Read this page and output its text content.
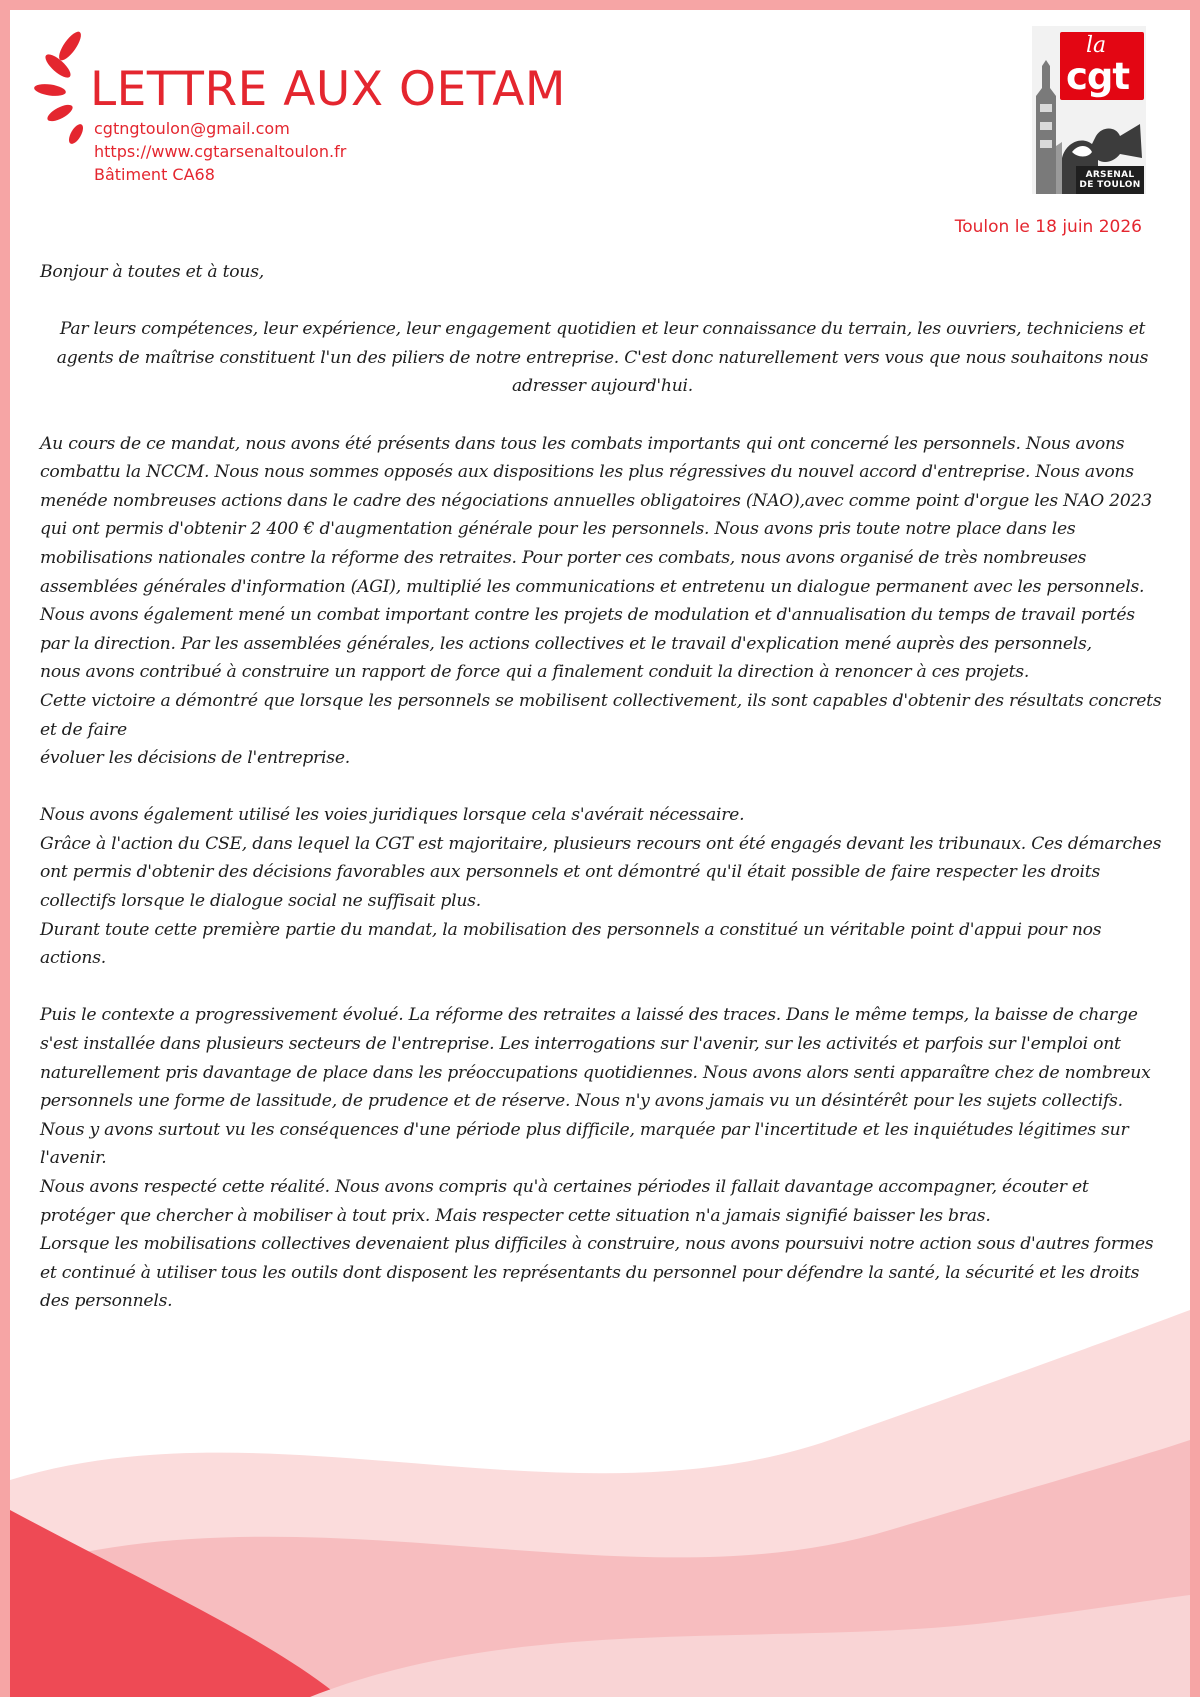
LETTRE AUX OETAM
cgtngtoulon@gmail.com
https://www.cgtarsenaltoulon.fr
Bâtiment CA68
la
cgt
ARSENAL
DE TOULON
Toulon le 18 juin 2026

Bonjour à toutes et à tous,

Par leurs compétences, leur expérience, leur engagement quotidien et leur connaissance du terrain, les ouvriers, techniciens et agents de maîtrise constituent l'un des piliers de notre entreprise. C'est donc naturellement vers vous que nous souhaitons nous adresser aujourd'hui.

Au cours de ce mandat, nous avons été présents dans tous les combats importants qui ont concerné les personnels. Nous avons combattu la NCCM. Nous nous sommes opposés aux dispositions les plus régressives du nouvel accord d'entreprise. Nous avons menéde nombreuses actions dans le cadre des négociations annuelles obligatoires (NAO),avec comme point d'orgue les NAO 2023 qui ont permis d'obtenir 2 400 € d'augmentation générale pour les personnels. Nous avons pris toute notre place dans les mobilisations nationales contre la réforme des retraites. Pour porter ces combats, nous avons organisé de très nombreuses assemblées générales d'information (AGI), multiplié les communications et entretenu un dialogue permanent avec les personnels.

Nous avons également mené un combat important contre les projets de modulation et d'annualisation du temps de travail portés par la direction. Par les assemblées générales, les actions collectives et le travail d'explication mené auprès des personnels,

nous avons contribué à construire un rapport de force qui a finalement conduit la direction à renoncer à ces projets.

Cette victoire a démontré que lorsque les personnels se mobilisent collectivement, ils sont capables d'obtenir des résultats concrets et de faire

évoluer les décisions de l'entreprise.

Nous avons également utilisé les voies juridiques lorsque cela s'avérait nécessaire.

Grâce à l'action du CSE, dans lequel la CGT est majoritaire, plusieurs recours ont été engagés devant les tribunaux. Ces démarches ont permis d'obtenir des décisions favorables aux personnels et ont démontré qu'il était possible de faire respecter les droits

collectifs lorsque le dialogue social ne suffisait plus.

Durant toute cette première partie du mandat, la mobilisation des personnels a constitué un véritable point d'appui pour nos actions.

Puis le contexte a progressivement évolué. La réforme des retraites a laissé des traces. Dans le même temps, la baisse de charge s'est installée dans plusieurs secteurs de l'entreprise. Les interrogations sur l'avenir, sur les activités et parfois sur l'emploi ont

naturellement pris davantage de place dans les préoccupations quotidiennes. Nous avons alors senti apparaître chez de nombreux personnels une forme de lassitude, de prudence et de réserve. Nous n'y avons jamais vu un désintérêt pour les sujets collectifs. Nous y avons surtout vu les conséquences d'une période plus difficile, marquée par l'incertitude et les inquiétudes légitimes sur l'avenir.

Nous avons respecté cette réalité. Nous avons compris qu'à certaines périodes il fallait davantage accompagner, écouter et protéger que chercher à mobiliser à tout prix. Mais respecter cette situation n'a jamais signifié baisser les bras.

Lorsque les mobilisations collectives devenaient plus difficiles à construire, nous avons poursuivi notre action sous d'autres formes et continué à utiliser tous les outils dont disposent les représentants du personnel pour défendre la santé, la sécurité et les droits des personnels.
